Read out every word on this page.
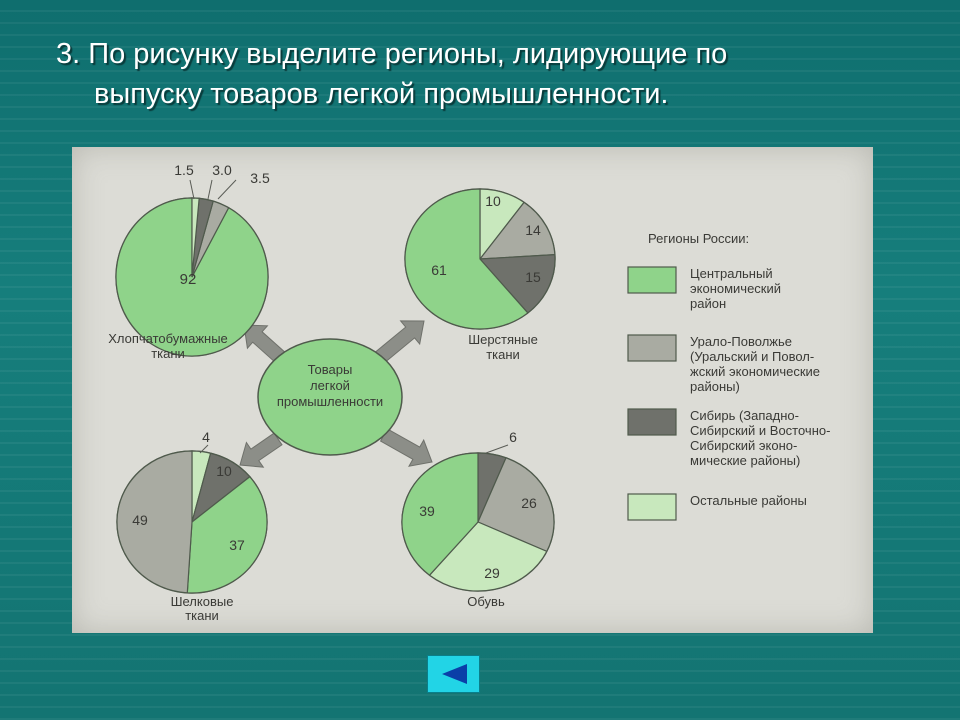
3. По рисунку выделите регионы, лидирующие по
выпуску товаров легкой промышленности.
Товары
легкой
промышленности
92
3.5
3.0
1.5
Хлопчатобумажные
ткани
10
14
15
61
Шерстяные
ткани
4
10
37
49
Шелковые
ткани
6
26
29
39
Обувь
Регионы России:
Центральный
экономический
район
Урало-Поволжье
(Уральский и Повол-
жский экономические
районы)
Сибирь (Западно-
Сибирский и Восточно-
Сибирский эконо-
мические районы)
Остальные районы
